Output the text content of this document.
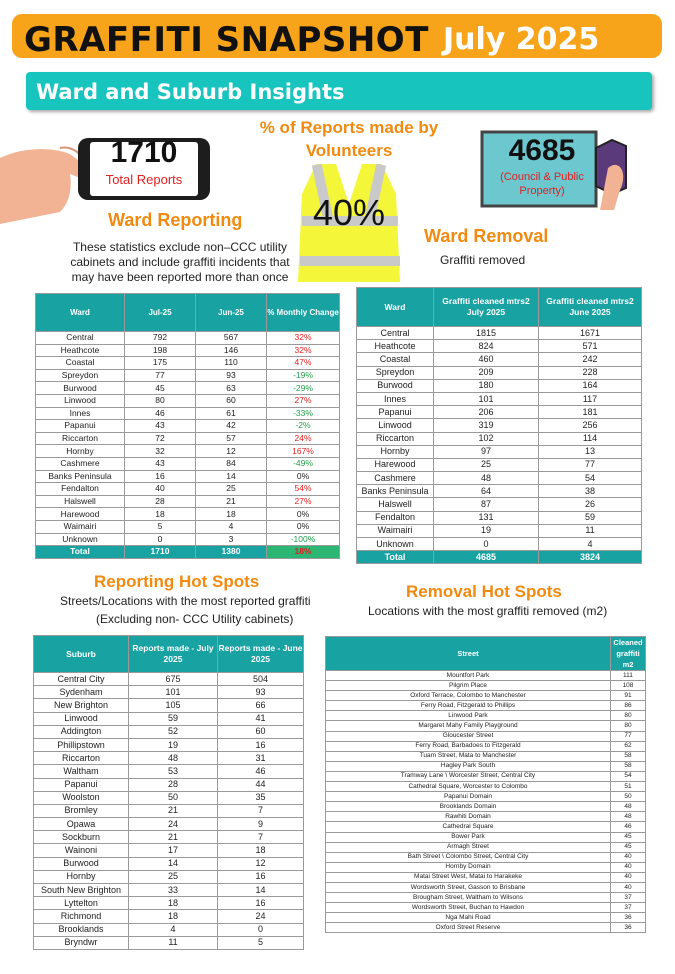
GRAFFITI SNAPSHOT July 2025
Ward and Suburb Insights
1710
Total Reports
% of Reports made by Volunteers
40%
4685
(Council & Public Property)
Ward Reporting
These statistics exclude non–CCC utility cabinets and include graffiti incidents that may have been reported more than once
Ward Removal
Graffiti removed
Ward	Jul-25	Jun-25	% Monthly Change
Central	792	567	32%
Heathcote	198	146	32%
Coastal	175	110	47%
Spreydon	77	93	-19%
Burwood	45	63	-29%
Linwood	80	60	27%
Innes	46	61	-33%
Papanui	43	42	-2%
Riccarton	72	57	24%
Hornby	32	12	167%
Cashmere	43	84	-49%
Banks Peninsula	16	14	0%
Fendalton	40	25	54%
Halswell	28	21	27%
Harewood	18	18	0%
Waimairi	5	4	0%
Unknown	0	3	-100%
Total	1710	1380	18%
Ward	Graffiti cleaned mtrs2 July 2025	Graffiti cleaned mtrs2 June 2025
Central	1815	1671
Heathcote	824	571
Coastal	460	242
Spreydon	209	228
Burwood	180	164
Innes	101	117
Papanui	206	181
Linwood	319	256
Riccarton	102	114
Hornby	97	13
Harewood	25	77
Cashmere	48	54
Banks Peninsula	64	38
Halswell	87	26
Fendalton	131	59
Waimairi	19	11
Unknown	0	4
Total	4685	3824
Reporting Hot Spots
Streets/Locations with the most reported graffiti
(Excluding non- CCC Utility cabinets)
Removal Hot Spots
Locations with the most graffiti removed (m2)
Suburb	Reports made - July 2025	Reports made - June 2025
Central City	675	504
Sydenham	101	93
New Brighton	105	66
Linwood	59	41
Addington	52	60
Phillipstown	19	16
Riccarton	48	31
Waltham	53	46
Papanui	28	44
Woolston	50	35
Bromley	21	7
Opawa	24	9
Sockburn	21	7
Wainoni	17	18
Burwood	14	12
Hornby	25	16
South New Brighton	33	14
Lyttelton	18	16
Richmond	18	24
Brooklands	4	0
Bryndwr	11	5
Street	Cleaned graffiti m2
Mountfort Park	111
Pilgrim Place	108
Oxford Terrace, Colombo to Manchester	91
Ferry Road, Fitzgerald to Phillips	86
Linwood Park	80
Margaret Mahy Family Playground	80
Gloucester Street	77
Ferry Road, Barbadoes to Fitzgerald	62
Tuam Street, Mata to Manchester	58
Hagley Park South	58
Tramway Lane \ Worcester Street, Central City	54
Cathedral Square, Worcester to Colombo	51
Papanui Domain	50
Brooklands Domain	48
Rawhiti Domain	48
Cathedral Square	46
Bower Park	45
Armagh Street	45
Bath Street \ Colombo Street, Central City	40
Hornby Domain	40
Matai Street West, Matai to Harakeke	40
Wordsworth Street, Gasson to Brisbane	40
Brougham Street, Waltham to Wilsons	37
Wordsworth Street, Buchan to Hawdon	37
Nga Mahi Road	36
Oxford Street Reserve	36
